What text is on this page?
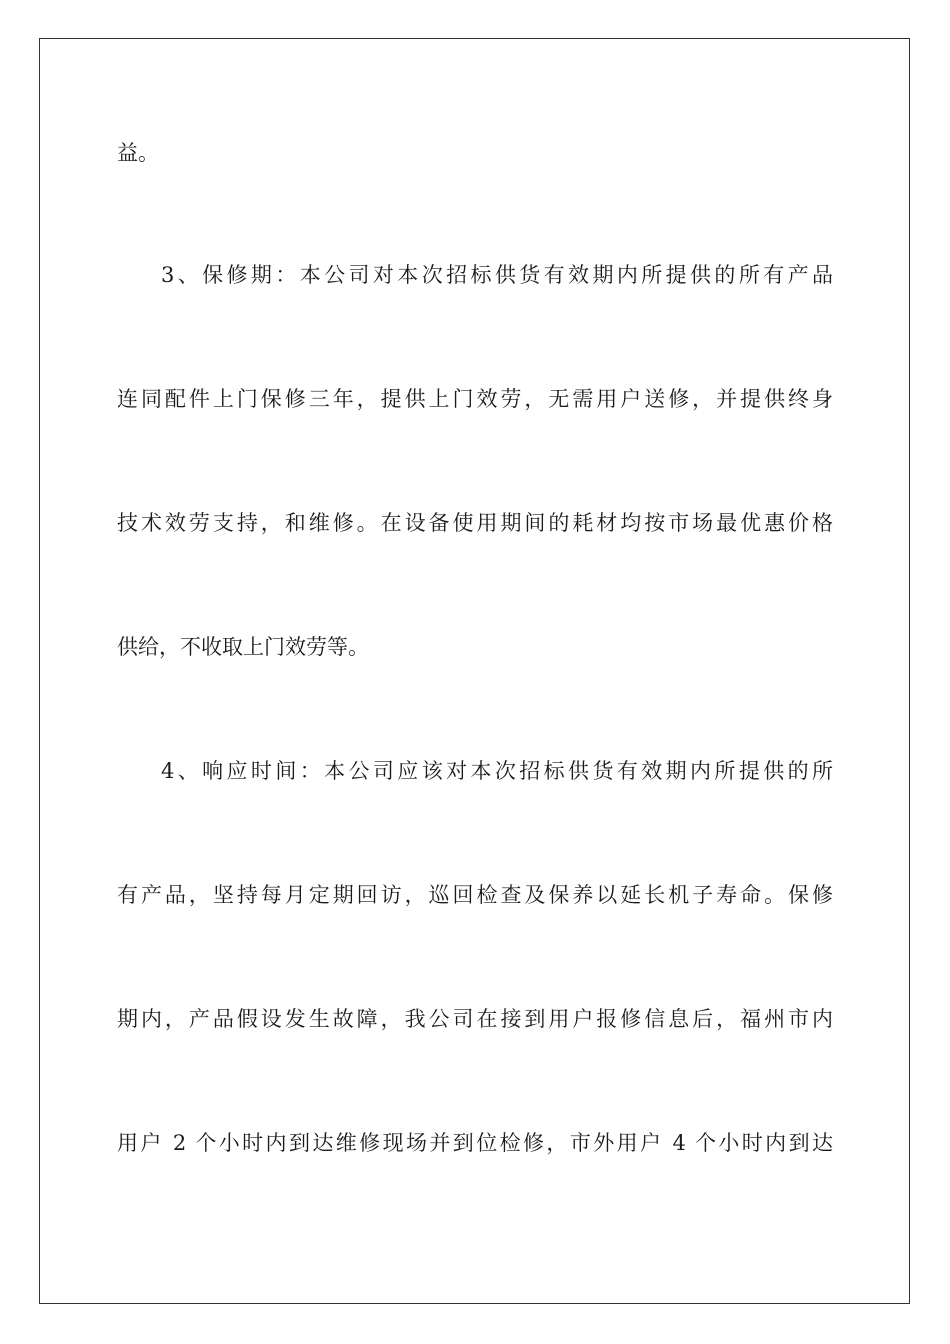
益。
3、保修期：本公司对本次招标供货有效期内所提供的所有产品
连同配件上门保修三年，提供上门效劳，无需用户送修，并提供终身
技术效劳支持，和维修。在设备使用期间的耗材均按市场最优惠价格
供给，不收取上门效劳等。
4、响应时间：本公司应该对本次招标供货有效期内所提供的所
有产品，坚持每月定期回访，巡回检查及保养以延长机子寿命。保修
期内，产品假设发生故障，我公司在接到用户报修信息后，福州市内
用户 2 个小时内到达维修现场并到位检修，市外用户 4 个小时内到达
